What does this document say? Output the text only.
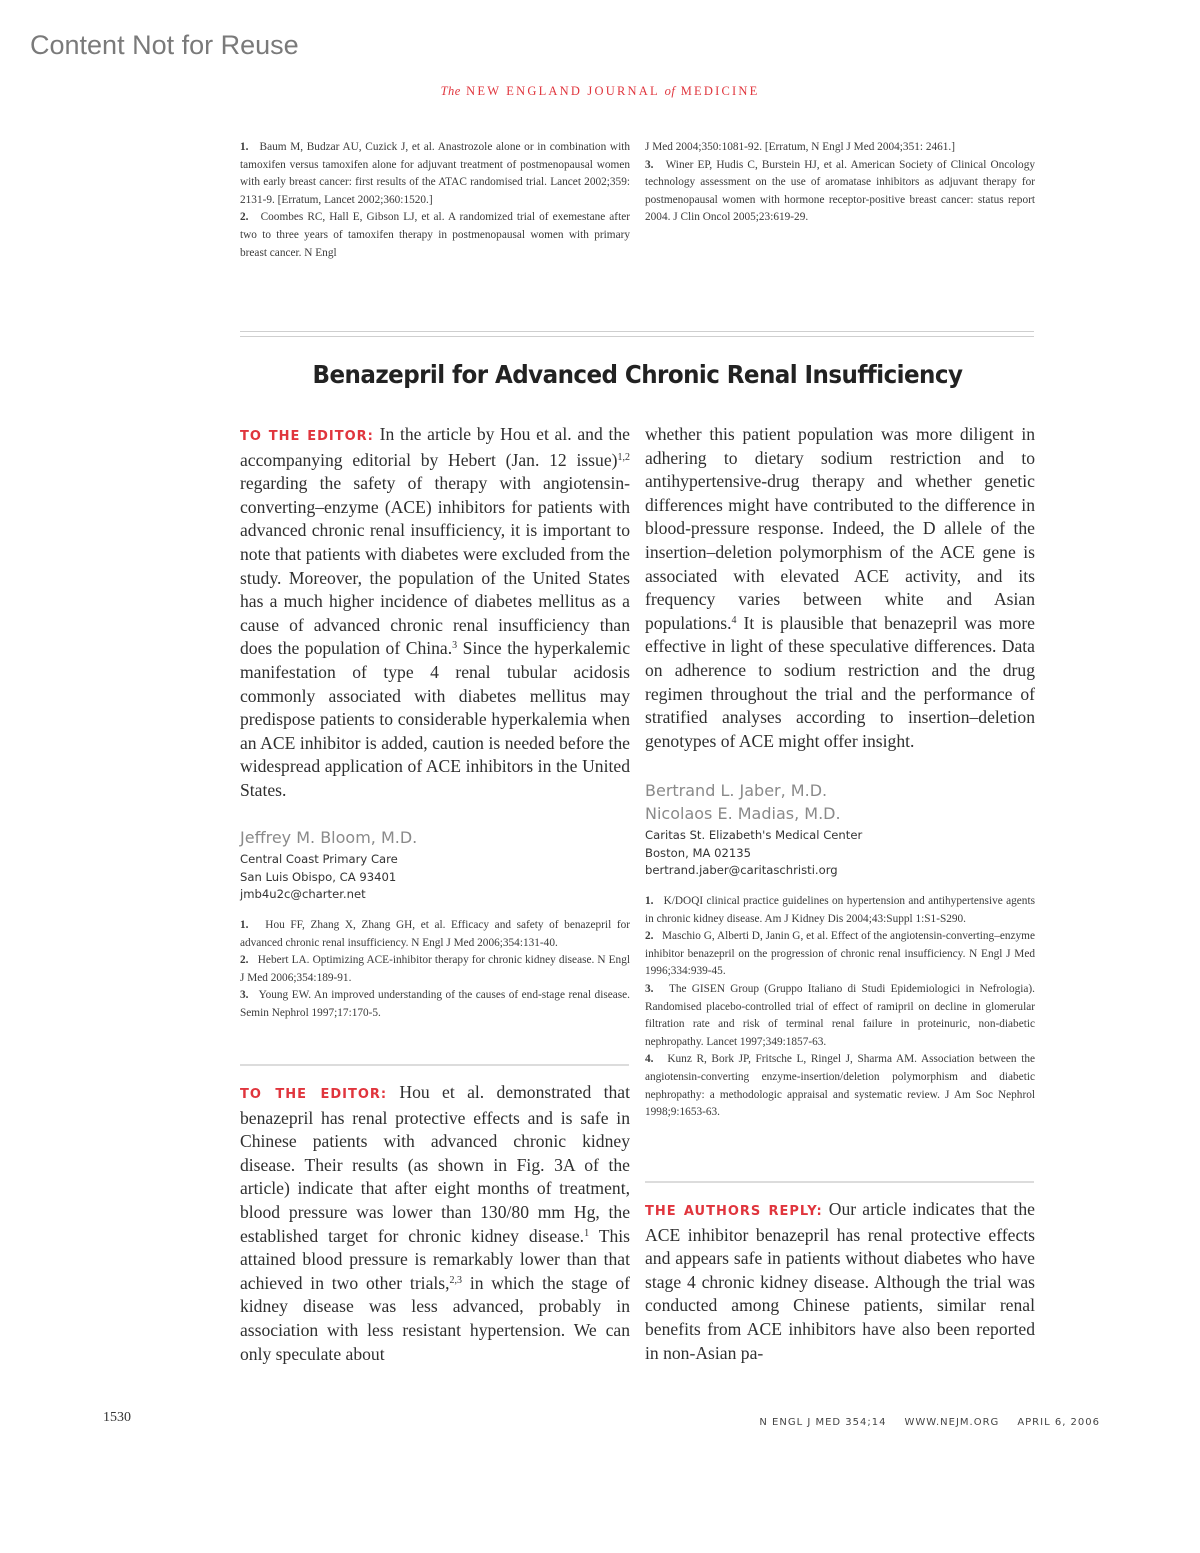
Content Not for Reuse
The NEW ENGLAND JOURNAL of MEDICINE

1. Baum M, Budzar AU, Cuzick J, et al. Anastrozole alone or in combination with tamoxifen versus tamoxifen alone for adjuvant treatment of postmenopausal women with early breast cancer: first results of the ATAC randomised trial. Lancet 2002;359: 2131-9. [Erratum, Lancet 2002;360:1520.]

2. Coombes RC, Hall E, Gibson LJ, et al. A randomized trial of exemestane after two to three years of tamoxifen therapy in postmenopausal women with primary breast cancer. N Engl

J Med 2004;350:1081-92. [Erratum, N Engl J Med 2004;351: 2461.]

3. Winer EP, Hudis C, Burstein HJ, et al. American Society of Clinical Oncology technology assessment on the use of aromatase inhibitors as adjuvant therapy for postmenopausal women with hormone receptor-positive breast cancer: status report 2004. J Clin Oncol 2005;23:619-29.

Benazepril for Advanced Chronic Renal Insufficiency

TO THE EDITOR: In the article by Hou et al. and the accompanying editorial by Hebert (Jan. 12 issue)$^{1,2}$ regarding the safety of therapy with angiotensin-converting–enzyme (ACE) inhibitors for patients with advanced chronic renal insufficiency, it is important to note that patients with diabetes were excluded from the study. Moreover, the population of the United States has a much higher incidence of diabetes mellitus as a cause of advanced chronic renal insufficiency than does the population of China.$^3$ Since the hyperkalemic manifestation of type 4 renal tubular acidosis commonly associated with diabetes mellitus may predispose patients to considerable hyperkalemia when an ACE inhibitor is added, caution is needed before the widespread application of ACE inhibitors in the United States.

Jeffrey M. Bloom, M.D.
Central Coast Primary Care
San Luis Obispo, CA 93401
jmb4u2c@charter.net

1. Hou FF, Zhang X, Zhang GH, et al. Efficacy and safety of benazepril for advanced chronic renal insufficiency. N Engl J Med 2006;354:131-40.

2. Hebert LA. Optimizing ACE-inhibitor therapy for chronic kidney disease. N Engl J Med 2006;354:189-91.

3. Young EW. An improved understanding of the causes of end-stage renal disease. Semin Nephrol 1997;17:170-5.

TO THE EDITOR: Hou et al. demonstrated that benazepril has renal protective effects and is safe in Chinese patients with advanced chronic kidney disease. Their results (as shown in Fig. 3A of the article) indicate that after eight months of treatment, blood pressure was lower than 130/80 mm Hg, the established target for chronic kidney disease.$^1$ This attained blood pressure is remarkably lower than that achieved in two other trials,$^{2,3}$ in which the stage of kidney disease was less advanced, probably in association with less resistant hypertension. We can only speculate about

whether this patient population was more diligent in adhering to dietary sodium restriction and to antihypertensive-drug therapy and whether genetic differences might have contributed to the difference in blood-pressure response. Indeed, the D allele of the insertion–deletion polymorphism of the ACE gene is associated with elevated ACE activity, and its frequency varies between white and Asian populations.$^4$ It is plausible that benazepril was more effective in light of these speculative differences. Data on adherence to sodium restriction and the drug regimen throughout the trial and the performance of stratified analyses according to insertion–deletion genotypes of ACE might offer insight.

Bertrand L. Jaber, M.D.
Nicolaos E. Madias, M.D.
Caritas St. Elizabeth's Medical Center
Boston, MA 02135
bertrand.jaber@caritaschristi.org

1. K/DOQI clinical practice guidelines on hypertension and antihypertensive agents in chronic kidney disease. Am J Kidney Dis 2004;43:Suppl 1:S1-S290.

2. Maschio G, Alberti D, Janin G, et al. Effect of the angiotensin-converting–enzyme inhibitor benazepril on the progression of chronic renal insufficiency. N Engl J Med 1996;334:939-45.

3. The GISEN Group (Gruppo Italiano di Studi Epidemiologici in Nefrologia). Randomised placebo-controlled trial of effect of ramipril on decline in glomerular filtration rate and risk of terminal renal failure in proteinuric, non-diabetic nephropathy. Lancet 1997;349:1857-63.

4. Kunz R, Bork JP, Fritsche L, Ringel J, Sharma AM. Association between the angiotensin-converting enzyme-insertion/deletion polymorphism and diabetic nephropathy: a methodologic appraisal and systematic review. J Am Soc Nephrol 1998;9:1653-63.

THE AUTHORS REPLY: Our article indicates that the ACE inhibitor benazepril has renal protective effects and appears safe in patients without diabetes who have stage 4 chronic kidney disease. Although the trial was conducted among Chinese patients, similar renal benefits from ACE inhibitors have also been reported in non-Asian pa-

1530	N ENGL J MED 354;14 WWW.NEJM.ORG APRIL 6, 2006
